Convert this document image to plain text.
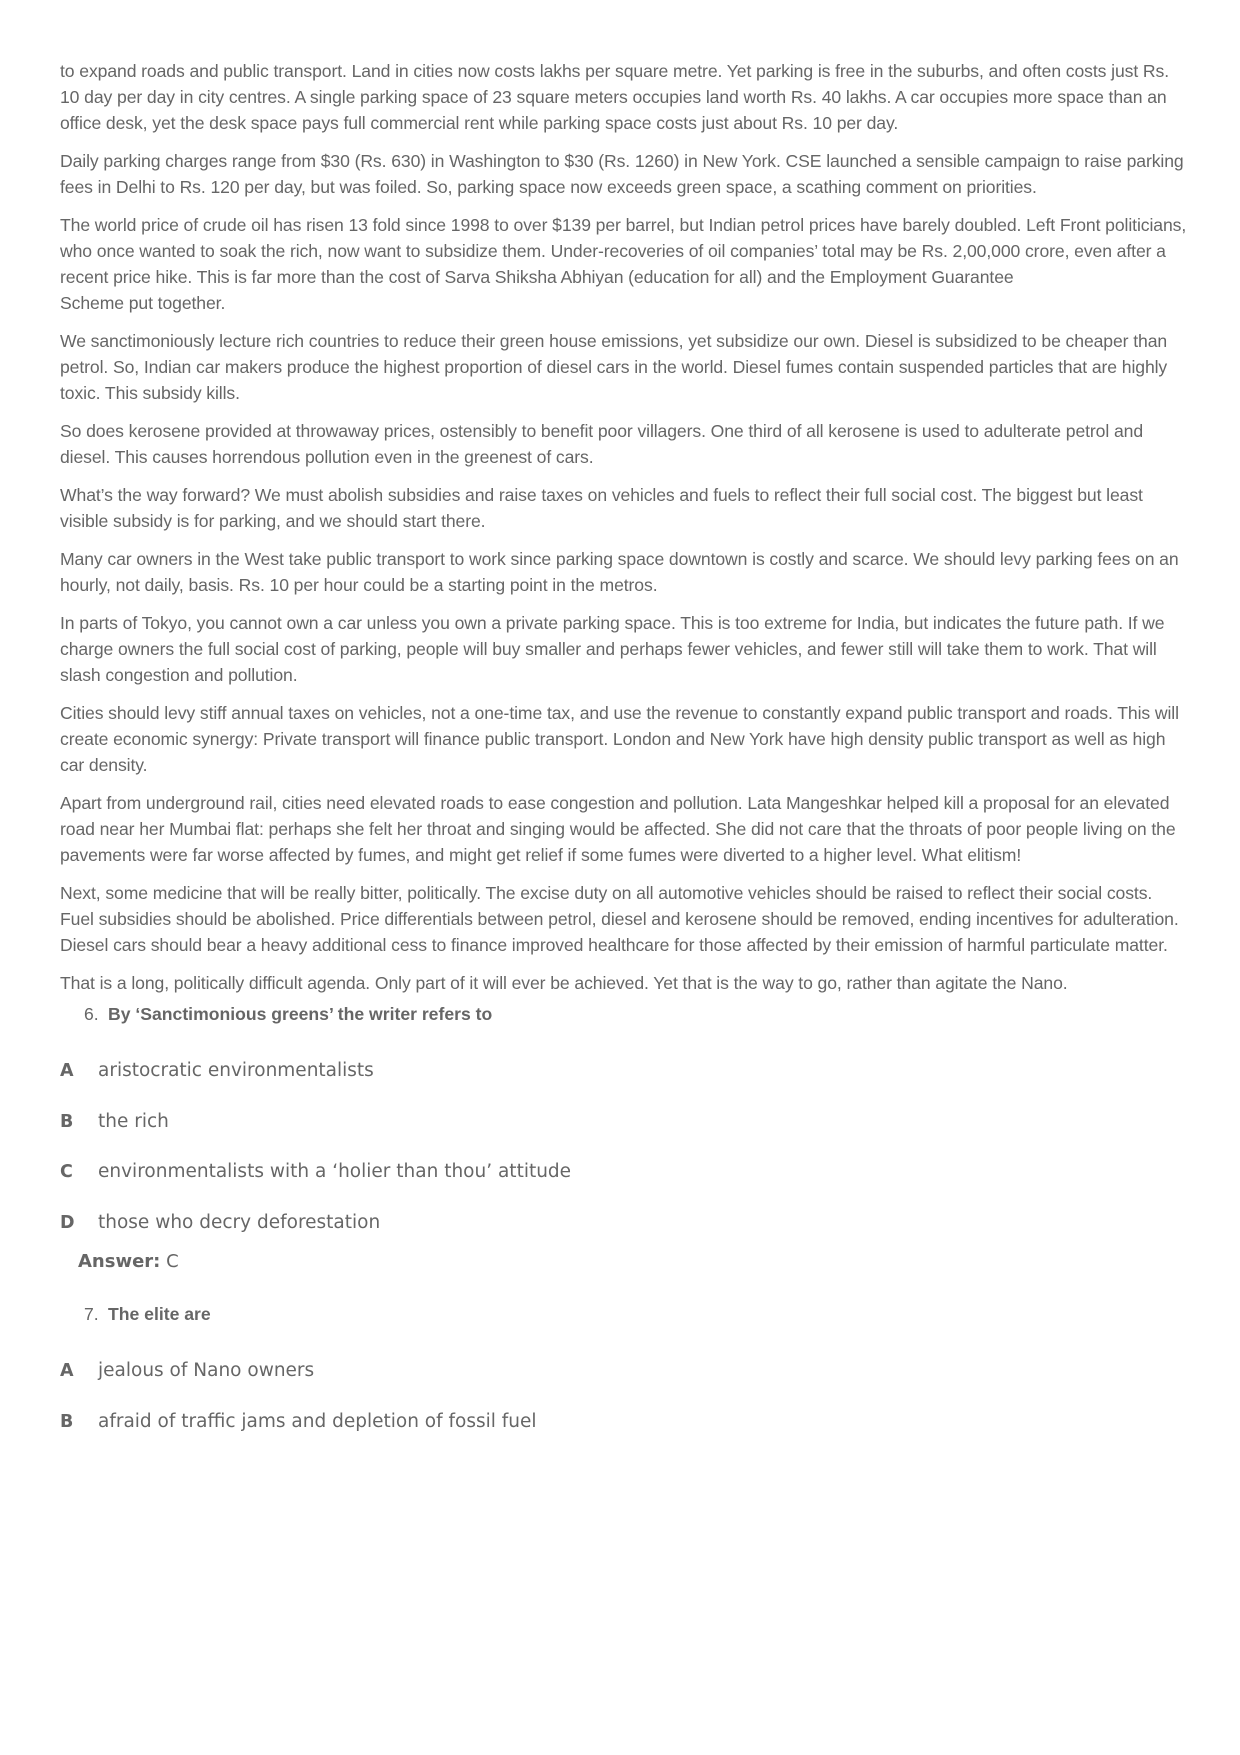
to expand roads and public transport. Land in cities now costs lakhs per square metre. Yet parking is free in the suburbs, and often costs just Rs.
10 day per day in city centres. A single parking space of 23 square meters occupies land worth Rs. 40 lakhs. A car occupies more space than an office desk, yet the desk space pays full commercial rent while parking space costs just about Rs. 10 per day.

Daily parking charges range from $30 (Rs. 630) in Washington to $30 (Rs. 1260) in New York. CSE launched a sensible campaign to raise parking fees in Delhi to Rs. 120 per day, but was foiled. So, parking space now exceeds green space, a scathing comment on priorities.

The world price of crude oil has risen 13 fold since 1998 to over $139 per barrel, but Indian petrol prices have barely doubled. Left Front politicians, who once wanted to soak the rich, now want to subsidize them. Under-recoveries of oil companies’ total may be Rs. 2,00,000 crore, even after a recent price hike. This is far more than the cost of Sarva Shiksha Abhiyan (education for all) and the Employment Guarantee
Scheme put together.

We sanctimoniously lecture rich countries to reduce their green house emissions, yet subsidize our own. Diesel is subsidized to be cheaper than petrol. So, Indian car makers produce the highest proportion of diesel cars in the world. Diesel fumes contain suspended particles that are highly toxic. This subsidy kills.

So does kerosene provided at throwaway prices, ostensibly to benefit poor villagers. One third of all kerosene is used to adulterate petrol and diesel. This causes horrendous pollution even in the greenest of cars.

What’s the way forward? We must abolish subsidies and raise taxes on vehicles and fuels to reflect their full social cost. The biggest but least visible subsidy is for parking, and we should start there.

Many car owners in the West take public transport to work since parking space downtown is costly and scarce. We should levy parking fees on an hourly, not daily, basis. Rs. 10 per hour could be a starting point in the metros.

In parts of Tokyo, you cannot own a car unless you own a private parking space. This is too extreme for India, but indicates the future path. If we charge owners the full social cost of parking, people will buy smaller and perhaps fewer vehicles, and fewer still will take them to work. That will slash congestion and pollution.

Cities should levy stiff annual taxes on vehicles, not a one-time tax, and use the revenue to constantly expand public transport and roads. This will create economic synergy: Private transport will finance public transport. London and New York have high density public transport as well as high car density.

Apart from underground rail, cities need elevated roads to ease congestion and pollution. Lata Mangeshkar helped kill a proposal for an elevated
road near her Mumbai flat: perhaps she felt her throat and singing would be affected. She did not care that the throats of poor people living on the pavements were far worse affected by fumes, and might get relief if some fumes were diverted to a higher level. What elitism!

Next, some medicine that will be really bitter, politically. The excise duty on all automotive vehicles should be raised to reflect their social costs. Fuel subsidies should be abolished. Price differentials between petrol, diesel and kerosene should be removed, ending incentives for adulteration. Diesel cars should bear a heavy additional cess to finance improved healthcare for those affected by their emission of harmful particulate matter.

That is a long, politically difficult agenda. Only part of it will ever be achieved. Yet that is the way to go, rather than agitate the Nano.

6. By ‘Sanctimonious greens’ the writer refers to

A	aristocratic environmentalists
B	the rich
C	environmentalists with a ‘holier than thou’ attitude
D	those who decry deforestation
Answer: C

7. The elite are

A	jealous of Nano owners
B	afraid of traffic jams and depletion of fossil fuel
